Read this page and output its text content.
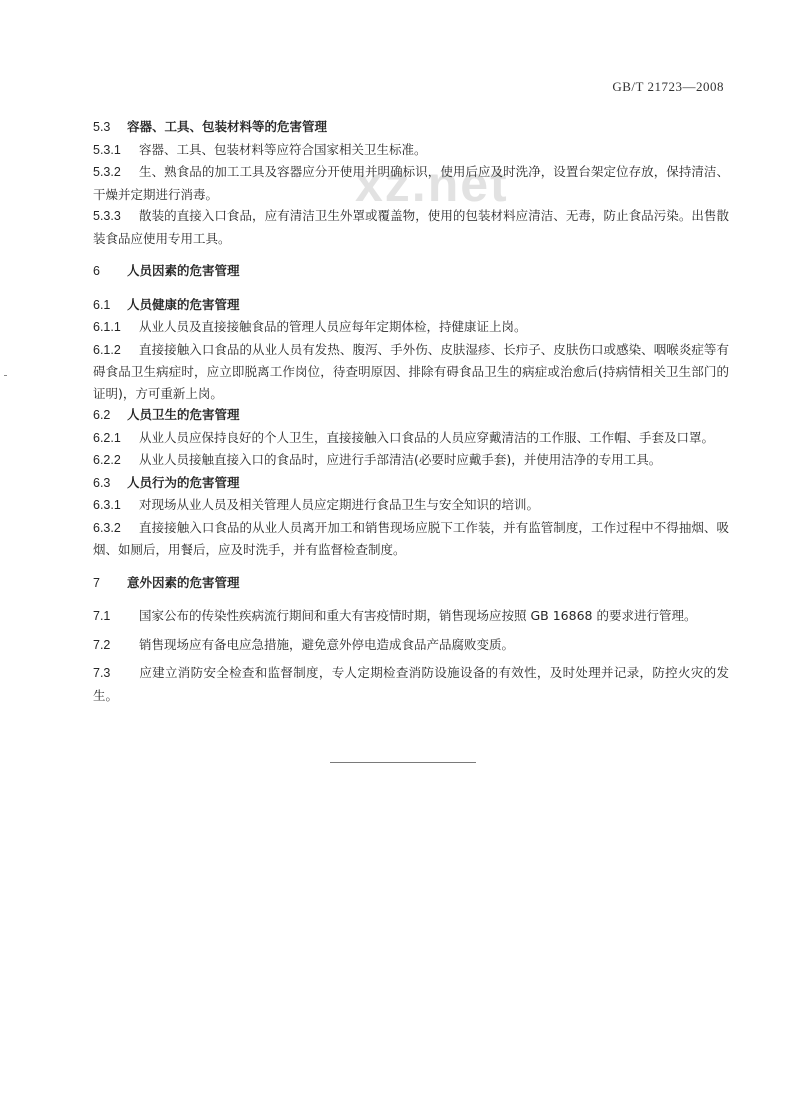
GB/T 21723—2008
xz.net

5.3 容器、工具、包装材料等的危害管理

5.3.1 容器、工具、包装材料等应符合国家相关卫生标准。

5.3.2 生、熟食品的加工工具及容器应分开使用并明确标识，使用后应及时洗净，设置台架定位存放，保持清洁、干燥并定期进行消毒。

5.3.3 散装的直接入口食品，应有清洁卫生外罩或覆盖物，使用的包装材料应清洁、无毒，防止食品污染。出售散装食品应使用专用工具。

6 人员因素的危害管理

6.1 人员健康的危害管理

6.1.1 从业人员及直接接触食品的管理人员应每年定期体检，持健康证上岗。

6.1.2 直接接触入口食品的从业人员有发热、腹泻、手外伤、皮肤湿疹、长疖子、皮肤伤口或感染、咽喉炎症等有碍食品卫生病症时，应立即脱离工作岗位，待查明原因、排除有碍食品卫生的病症或治愈后(持病情相关卫生部门的证明)，方可重新上岗。

6.2 人员卫生的危害管理

6.2.1 从业人员应保持良好的个人卫生，直接接触入口食品的人员应穿戴清洁的工作服、工作帽、手套及口罩。

6.2.2 从业人员接触直接入口的食品时，应进行手部清洁(必要时应戴手套)，并使用洁净的专用工具。

6.3 人员行为的危害管理

6.3.1 对现场从业人员及相关管理人员应定期进行食品卫生与安全知识的培训。

6.3.2 直接接触入口食品的从业人员离开加工和销售现场应脱下工作装，并有监管制度，工作过程中不得抽烟、吸烟、如厕后，用餐后，应及时洗手，并有监督检查制度。

7 意外因素的危害管理

7.1 国家公布的传染性疾病流行期间和重大有害疫情时期，销售现场应按照 GB 16868 的要求进行管理。

7.2 销售现场应有备电应急措施，避免意外停电造成食品产品腐败变质。

7.3 应建立消防安全检查和监督制度，专人定期检查消防设施设备的有效性，及时处理并记录，防控火灾的发生。
